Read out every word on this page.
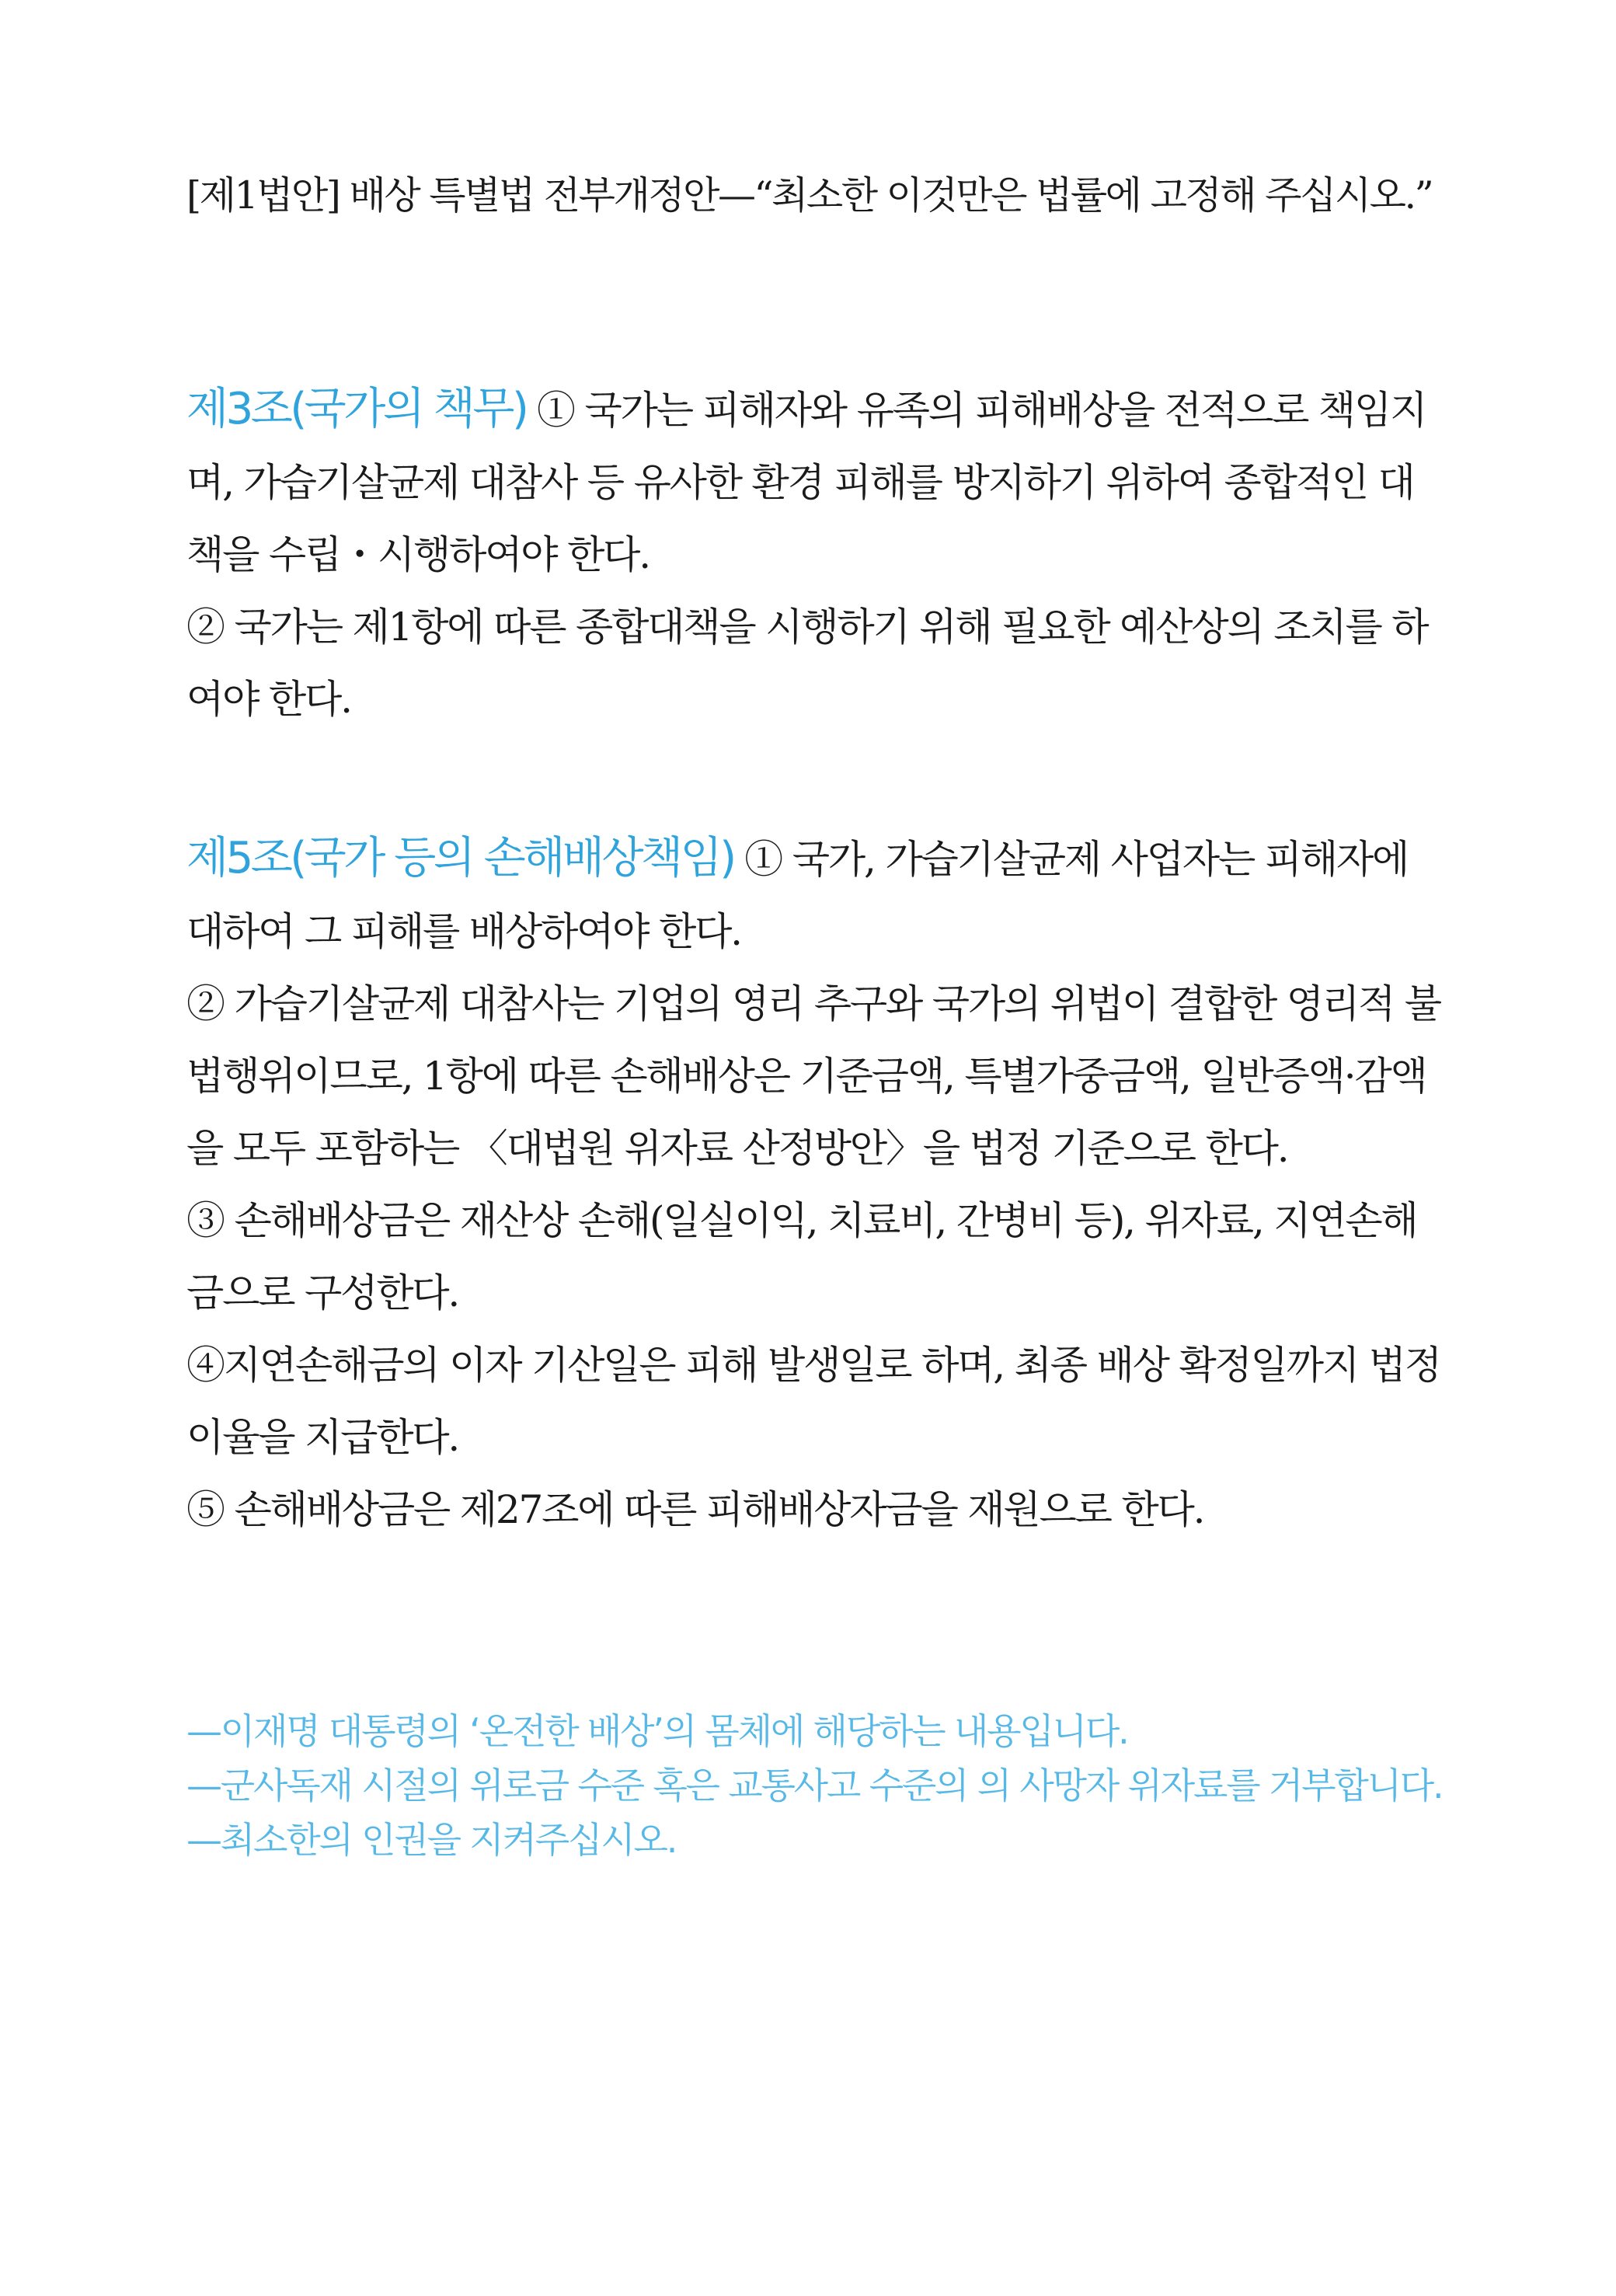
[제1법안] 배상 특별법 전부개정안—“최소한 이것만은 법률에 고정해 주십시오.”

제3조(국가의 책무) ① 국가는 피해자와 유족의 피해배상을 전적으로 책임지며, 가습기살균제 대참사 등 유사한 환경 피해를 방지하기 위하여 종합적인 대책을 수립・시행하여야 한다.

② 국가는 제1항에 따른 종합대책을 시행하기 위해 필요한 예산상의 조치를 하여야 한다.

제5조(국가 등의 손해배상책임) ① 국가, 가습기살균제 사업자는 피해자에 대하여 그 피해를 배상하여야 한다.

② 가습기살균제 대참사는 기업의 영리 추구와 국가의 위법이 결합한 영리적 불법행위이므로, 1항에 따른 손해배상은 기준금액, 특별가중금액, 일반증액·감액을 모두 포함하는 〈대법원 위자료 산정방안〉을 법정 기준으로 한다.

③ 손해배상금은 재산상 손해(일실이익, 치료비, 간병비 등), 위자료, 지연손해금으로 구성한다.

④지연손해금의 이자 기산일은 피해 발생일로 하며, 최종 배상 확정일까지 법정 이율을 지급한다.

⑤ 손해배상금은 제27조에 따른 피해배상자금을 재원으로 한다.

—이재명 대통령의 ‘온전한 배상’의 몸체에 해당하는 내용입니다.

—군사독재 시절의 위로금 수준 혹은 교통사고 수준의 의 사망자 위자료를 거부합니다.

—최소한의 인권을 지켜주십시오.
